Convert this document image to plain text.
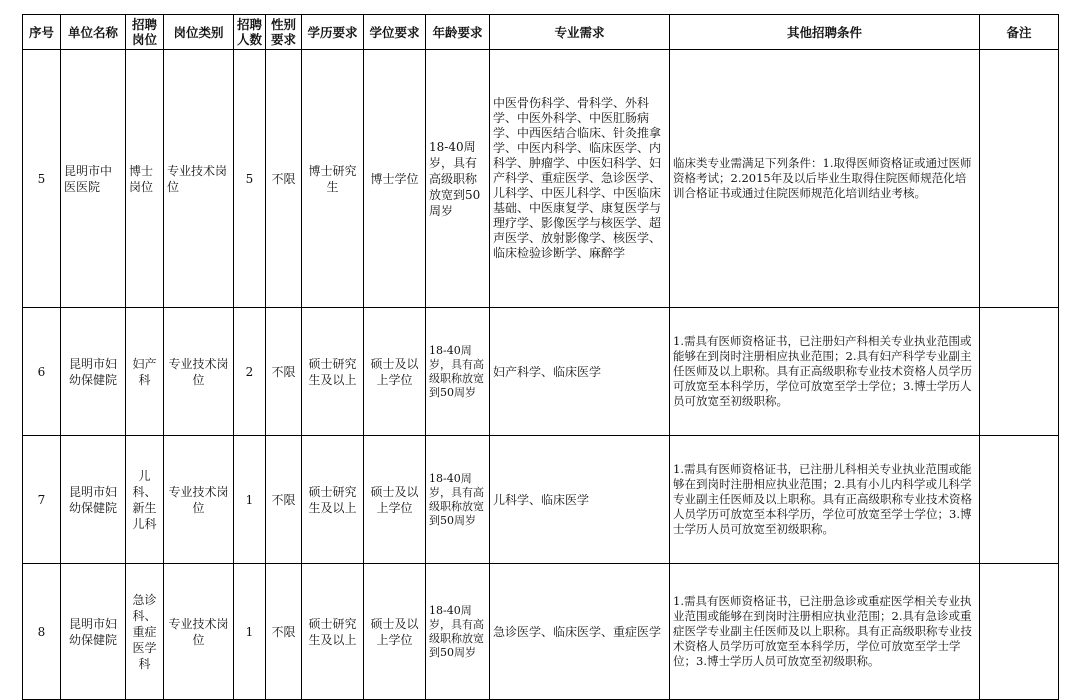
序号	单位名称	招聘岗位	岗位类别	招聘人数	性别要求	学历要求	学位要求	年龄要求	专业需求	其他招聘条件	备注
5	昆明市中医医院	博士岗位	专业技术岗位	5	不限	博士研究生	博士学位	18-40周岁，具有高级职称放宽到50周岁	中医骨伤科学、骨科学、外科学、中医外科学、中医肛肠病学、中西医结合临床、针灸推拿学、中医内科学、临床医学、内科学、肿瘤学、中医妇科学、妇产科学、重症医学、急诊医学、儿科学、中医儿科学、中医临床基础、中医康复学、康复医学与理疗学、影像医学与核医学、超声医学、放射影像学、核医学、临床检验诊断学、麻醉学	临床类专业需满足下列条件：1.取得医师资格证或通过医师资格考试；2.2015年及以后毕业生取得住院医师规范化培训合格证书或通过住院医师规范化培训结业考核。	
6	昆明市妇幼保健院	妇产科	专业技术岗位	2	不限	硕士研究生及以上	硕士及以上学位	18-40周岁，具有高级职称放宽到50周岁	妇产科学、临床医学	1.需具有医师资格证书，已注册妇产科相关专业执业范围或能够在到岗时注册相应执业范围；2.具有妇产科学专业副主任医师及以上职称。具有正高级职称专业技术资格人员学历可放宽至本科学历，学位可放宽至学士学位；3.博士学历人员可放宽至初级职称。	
7	昆明市妇幼保健院	儿科、新生儿科	专业技术岗位	1	不限	硕士研究生及以上	硕士及以上学位	18-40周岁，具有高级职称放宽到50周岁	儿科学、临床医学	1.需具有医师资格证书，已注册儿科相关专业执业范围或能够在到岗时注册相应执业范围；2.具有小儿内科学或儿科学专业副主任医师及以上职称。具有正高级职称专业技术资格人员学历可放宽至本科学历，学位可放宽至学士学位；3.博士学历人员可放宽至初级职称。	
8	昆明市妇幼保健院	急诊科、重症医学科	专业技术岗位	1	不限	硕士研究生及以上	硕士及以上学位	18-40周岁，具有高级职称放宽到50周岁	急诊医学、临床医学、重症医学	1.需具有医师资格证书，已注册急诊或重症医学相关专业执业范围或能够在到岗时注册相应执业范围；2.具有急诊或重症医学专业副主任医师及以上职称。具有正高级职称专业技术资格人员学历可放宽至本科学历，学位可放宽至学士学位；3.博士学历人员可放宽至初级职称。	
